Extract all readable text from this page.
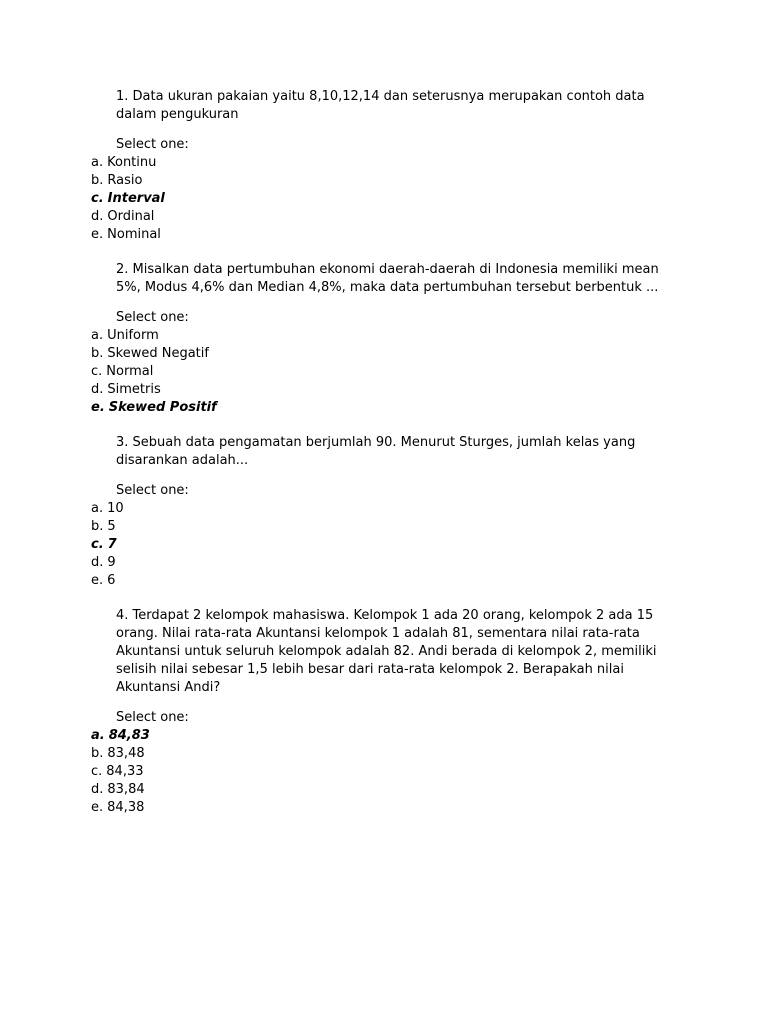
1. Data ukuran pakaian yaitu 8,10,12,14 dan seterusnya merupakan contoh data
dalam pengukuran

Select one:
a. Kontinu
b. Rasio
c. Interval
d. Ordinal
e. Nominal

2. Misalkan data pertumbuhan ekonomi daerah-daerah di Indonesia memiliki mean
5%, Modus 4,6% dan Median 4,8%, maka data pertumbuhan tersebut berbentuk ...

Select one:
a. Uniform
b. Skewed Negatif
c. Normal
d. Simetris
e. Skewed Positif

3. Sebuah data pengamatan berjumlah 90. Menurut Sturges, jumlah kelas yang
disarankan adalah...

Select one:
a. 10
b. 5
c. 7
d. 9
e. 6

4. Terdapat 2 kelompok mahasiswa. Kelompok 1 ada 20 orang, kelompok 2 ada 15
orang. Nilai rata-rata Akuntansi kelompok 1 adalah 81, sementara nilai rata-rata
Akuntansi untuk seluruh kelompok adalah 82. Andi berada di kelompok 2, memiliki
selisih nilai sebesar 1,5 lebih besar dari rata-rata kelompok 2. Berapakah nilai
Akuntansi Andi?

Select one:
a. 84,83
b. 83,48
c. 84,33
d. 83,84
e. 84,38
